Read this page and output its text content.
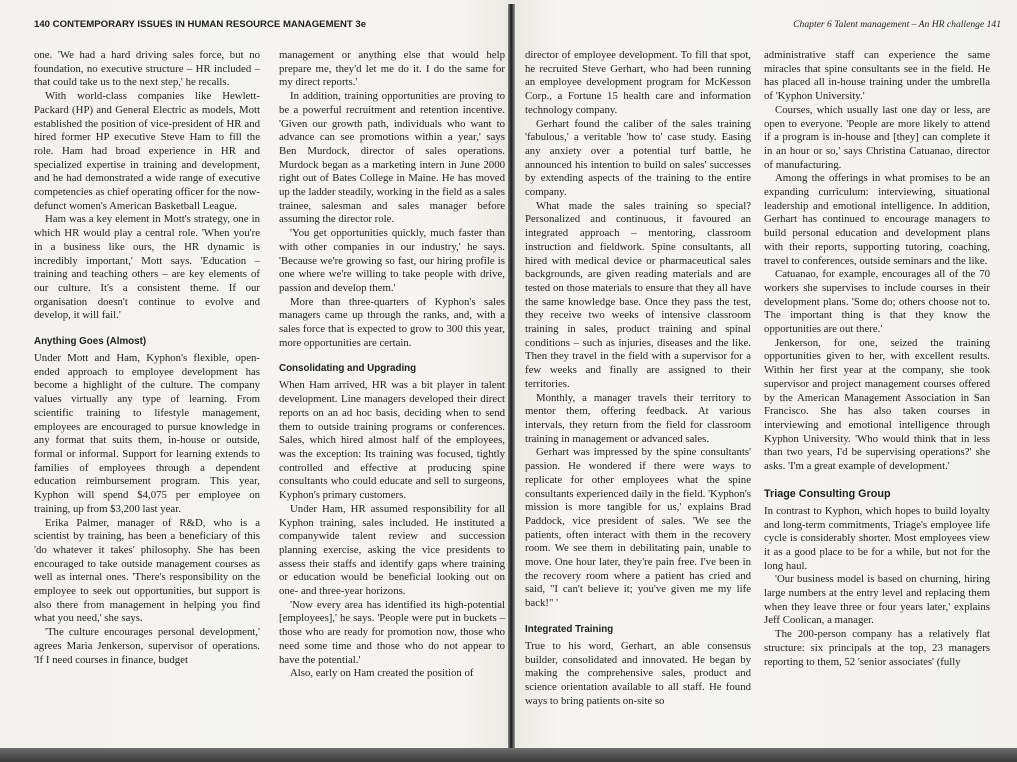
140 CONTEMPORARY ISSUES IN HUMAN RESOURCE MANAGEMENT 3e

one. 'We had a hard driving sales force, but no foundation, no executive structure – HR included – that could take us to the next step,' he recalls.

With world-class companies like Hewlett-Packard (HP) and General Electric as models, Mott established the position of vice-president of HR and hired former HP executive Steve Ham to fill the role. Ham had broad experience in HR and specialized expertise in training and development, and he had demonstrated a wide range of executive competencies as chief operating officer for the now-defunct women's American Basketball League.

Ham was a key element in Mott's strategy, one in which HR would play a central role. 'When you're in a business like ours, the HR dynamic is incredibly important,' Mott says. 'Education – training and teaching others – are key elements of our culture. It's a consistent theme. If our organisation doesn't continue to evolve and develop, it will fail.'

Anything Goes (Almost)

Under Mott and Ham, Kyphon's flexible, open-ended approach to employee development has become a highlight of the culture. The company values virtually any type of learning. From scientific training to lifestyle management, employees are encouraged to pursue knowledge in any format that suits them, in-house or outside, formal or informal. Support for learning extends to families of employees through a dependent education reimbursement program. This year, Kyphon will spend $4,075 per employee on training, up from $3,200 last year.

Erika Palmer, manager of R&D, who is a scientist by training, has been a beneficiary of this 'do whatever it takes' philosophy. She has been encouraged to take outside management courses as well as internal ones. 'There's responsibility on the employee to seek out opportunities, but support is also there from management in helping you find what you need,' she says.

'The culture encourages personal development,' agrees Maria Jenkerson, supervisor of operations. 'If I need courses in finance, budget

management or anything else that would help prepare me, they'd let me do it. I do the same for my direct reports.'

In addition, training opportunities are proving to be a powerful recruitment and retention incentive. 'Given our growth path, individuals who want to advance can see promotions within a year,' says Ben Murdock, director of sales operations. Murdock began as a marketing intern in June 2000 right out of Bates College in Maine. He has moved up the ladder steadily, working in the field as a sales trainee, salesman and sales manager before assuming the director role.

'You get opportunities quickly, much faster than with other companies in our industry,' he says. 'Because we're growing so fast, our hiring profile is one where we're willing to take people with drive, passion and develop them.'

More than three-quarters of Kyphon's sales managers came up through the ranks, and, with a sales force that is expected to grow to 300 this year, more opportunities are certain.

Consolidating and Upgrading

When Ham arrived, HR was a bit player in talent development. Line managers developed their direct reports on an ad hoc basis, deciding when to send them to outside training programs or conferences. Sales, which hired almost half of the employees, was the exception: Its training was focused, tightly controlled and effective at producing spine consultants who could educate and sell to surgeons, Kyphon's primary customers.

Under Ham, HR assumed responsibility for all Kyphon training, sales included. He instituted a companywide talent review and succession planning exercise, asking the vice presidents to assess their staffs and identify gaps where training or education would be beneficial looking out on one- and three-year horizons.

'Now every area has identified its high-potential [employees],' he says. 'People were put in buckets – those who are ready for promotion now, those who need some time and those who do not appear to have the potential.'

Also, early on Ham created the position of

Chapter 6 Talent management – An HR challenge 141

director of employee development. To fill that spot, he recruited Steve Gerhart, who had been running an employee development program for McKesson Corp., a Fortune 15 health care and information technology company.

Gerhart found the caliber of the sales training 'fabulous,' a veritable 'how to' case study. Easing any anxiety over a potential turf battle, he announced his intention to build on sales' successes by extending aspects of the training to the entire company.

What made the sales training so special? Personalized and continuous, it favoured an integrated approach – mentoring, classroom instruction and fieldwork. Spine consultants, all hired with medical device or pharmaceutical sales backgrounds, are given reading materials and are tested on those materials to ensure that they all have the same knowledge base. Once they pass the test, they receive two weeks of intensive classroom training in sales, product training and spinal conditions – such as injuries, diseases and the like. Then they travel in the field with a supervisor for a few weeks and finally are assigned to their territories.

Monthly, a manager travels their territory to mentor them, offering feedback. At various intervals, they return from the field for classroom training in management or advanced sales.

Gerhart was impressed by the spine consultants' passion. He wondered if there were ways to replicate for other employees what the spine consultants experienced daily in the field. 'Kyphon's mission is more tangible for us,' explains Brad Paddock, vice president of sales. 'We see the patients, often interact with them in the recovery room. We see them in debilitating pain, unable to move. One hour later, they're pain free. I've been in the recovery room where a patient has cried and said, "I can't believe it; you've given me my life back!" '

Integrated Training

True to his word, Gerhart, an able consensus builder, consolidated and innovated. He began by making the comprehensive sales, product and science orientation available to all staff. He found ways to bring patients on-site so

administrative staff can experience the same miracles that spine consultants see in the field. He has placed all in-house training under the umbrella of 'Kyphon University.'

Courses, which usually last one day or less, are open to everyone. 'People are more likely to attend if a program is in-house and [they] can complete it in an hour or so,' says Christina Catuanao, director of manufacturing.

Among the offerings in what promises to be an expanding curriculum: interviewing, situational leadership and emotional intelligence. In addition, Gerhart has continued to encourage managers to build personal education and development plans with their reports, supporting tutoring, coaching, travel to conferences, outside seminars and the like.

Catuanao, for example, encourages all of the 70 workers she supervises to include courses in their development plans. 'Some do; others choose not to. The important thing is that they know the opportunities are out there.'

Jenkerson, for one, seized the training opportunities given to her, with excellent results. Within her first year at the company, she took supervisor and project management courses offered by the American Management Association in San Francisco. She has also taken courses in interviewing and emotional intelligence through Kyphon University. 'Who would think that in less than two years, I'd be supervising operations?' she asks. 'I'm a great example of development.'

Triage Consulting Group

In contrast to Kyphon, which hopes to build loyalty and long-term commitments, Triage's employee life cycle is considerably shorter. Most employees view it as a good place to be for a while, but not for the long haul.

'Our business model is based on churning, hiring large numbers at the entry level and replacing them when they leave three or four years later,' explains Jeff Coolican, a manager.

The 200-person company has a relatively flat structure: six principals at the top, 23 managers reporting to them, 52 'senior associates' (fully
